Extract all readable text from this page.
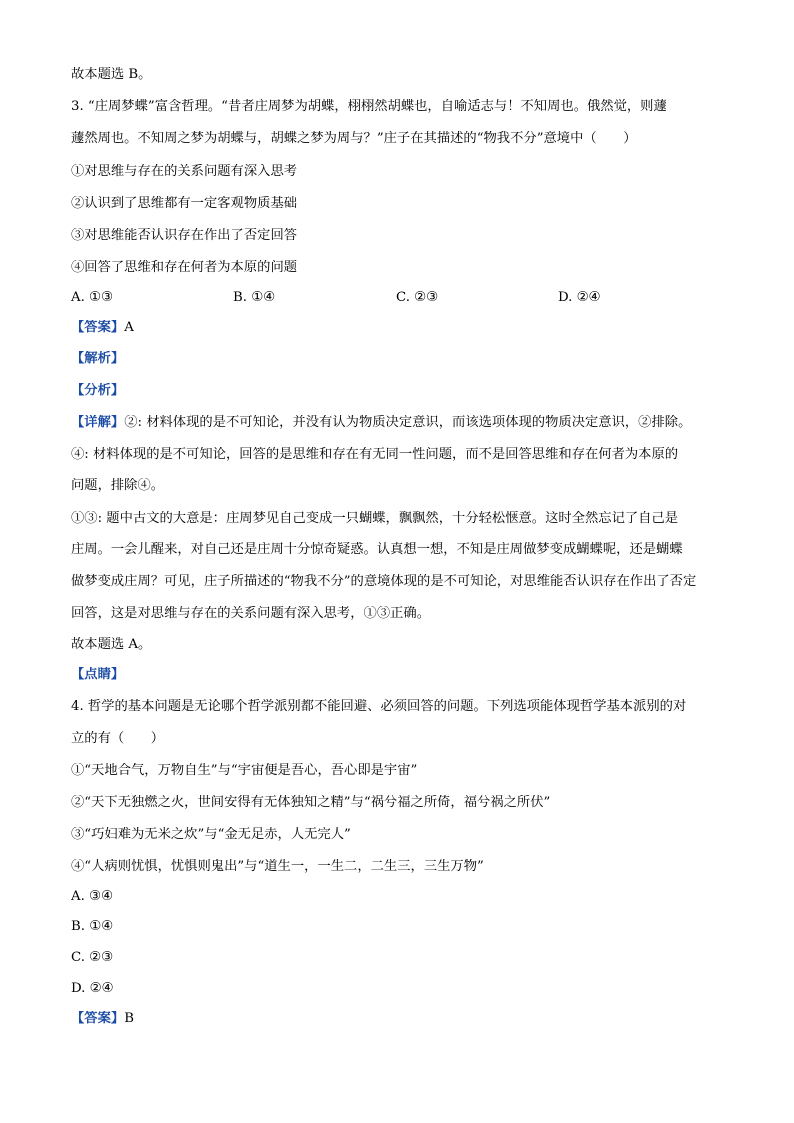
故本题选 B。
3. “庄周梦蝶”富含哲理。“昔者庄周梦为胡蝶，栩栩然胡蝶也，自喻适志与！不知周也。俄然觉，则蘧
蘧然周也。不知周之梦为胡蝶与，胡蝶之梦为周与？”庄子在其描述的“物我不分”意境中（　　）
①对思维与存在的关系问题有深入思考
②认识到了思维都有一定客观物质基础
③对思维能否认识存在作出了否定回答
④回答了思维和存在何者为本原的问题
A. ①③	B. ①④	C. ②③	D. ②④
【答案】A
【解析】
【分析】
【详解】②: 材料体现的是不可知论，并没有认为物质决定意识，而该选项体现的物质决定意识，②排除。
④: 材料体现的是不可知论，回答的是思维和存在有无同一性问题，而不是回答思维和存在何者为本原的
问题，排除④。
①③: 题中古文的大意是：庄周梦见自己变成一只蝴蝶，飘飘然，十分轻松惬意。这时全然忘记了自己是
庄周。一会儿醒来，对自己还是庄周十分惊奇疑惑。认真想一想，不知是庄周做梦变成蝴蝶呢，还是蝴蝶
做梦变成庄周？可见，庄子所描述的“物我不分”的意境体现的是不可知论，对思维能否认识存在作出了否定
回答，这是对思维与存在的关系问题有深入思考，①③正确。
故本题选 A。
【点睛】
4. 哲学的基本问题是无论哪个哲学派别都不能回避、必须回答的问题。下列选项能体现哲学基本派别的对
立的有（　　）
①“天地合气，万物自生”与“宇宙便是吾心，吾心即是宇宙”
②“天下无独燃之火，世间安得有无体独知之精”与“祸兮福之所倚，福兮祸之所伏”
③“巧妇难为无米之炊”与“金无足赤，人无完人”
④“人病则忧惧，忧惧则鬼出”与“道生一，一生二，二生三，三生万物”
A. ③④
B. ①④
C. ②③
D. ②④
【答案】B
